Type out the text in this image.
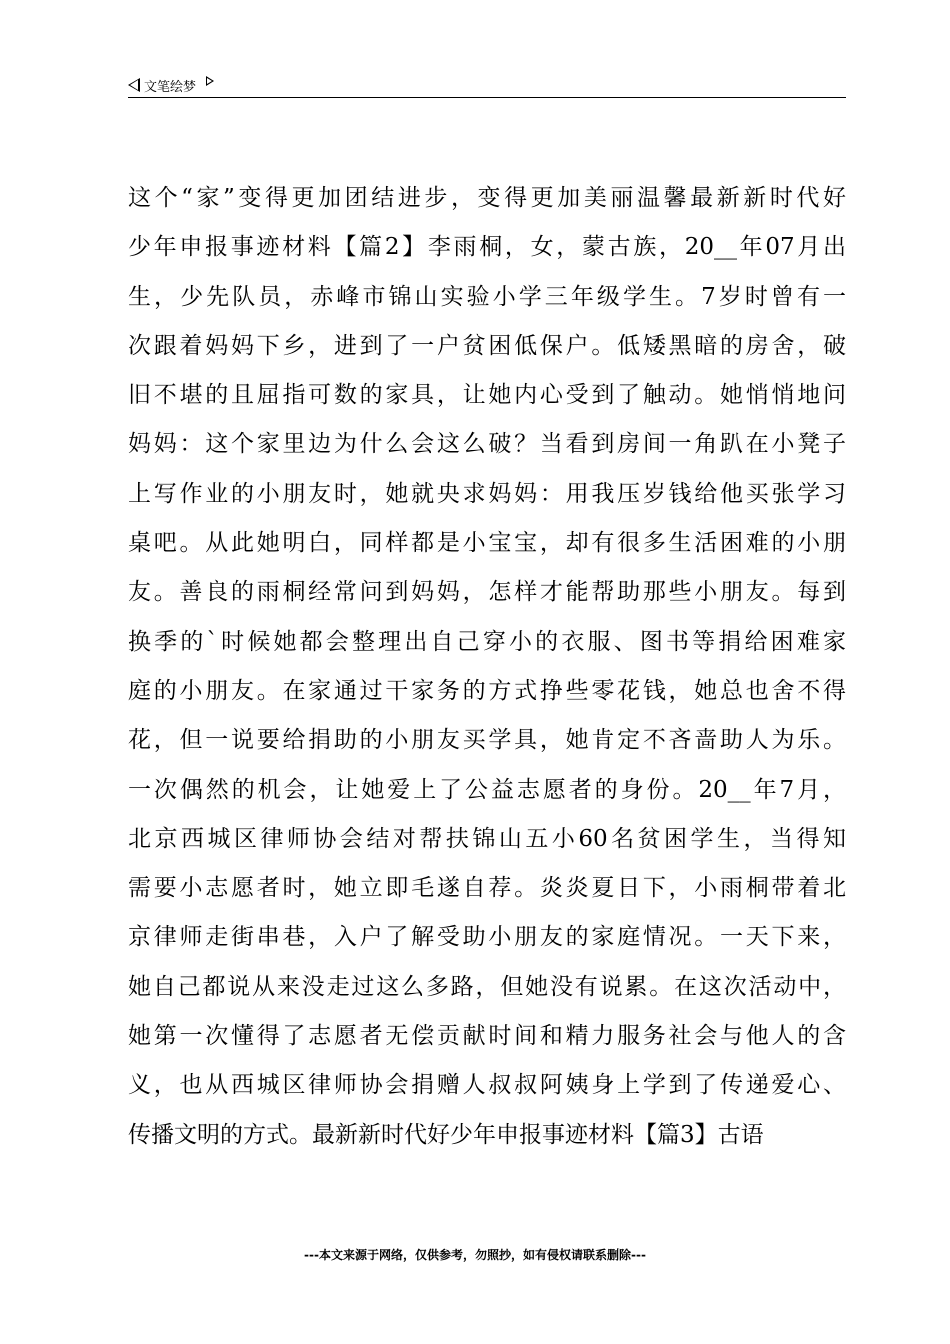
文笔绘梦
这个“家”变得更加团结进步，变得更加美丽温馨最新新时代好
少年申报事迹材料【篇2】李雨桐，女，蒙古族，20__年07月出
生，少先队员，赤峰市锦山实验小学三年级学生。7岁时曾有一
次跟着妈妈下乡，进到了一户贫困低保户。低矮黑暗的房舍，破
旧不堪的且屈指可数的家具，让她内心受到了触动。她悄悄地问
妈妈：这个家里边为什么会这么破？当看到房间一角趴在小凳子
上写作业的小朋友时，她就央求妈妈：用我压岁钱给他买张学习
桌吧。从此她明白，同样都是小宝宝，却有很多生活困难的小朋
友。善良的雨桐经常问到妈妈，怎样才能帮助那些小朋友。每到
换季的`时候她都会整理出自己穿小的衣服、图书等捐给困难家
庭的小朋友。在家通过干家务的方式挣些零花钱，她总也舍不得
花，但一说要给捐助的小朋友买学具，她肯定不吝啬助人为乐。
一次偶然的机会，让她爱上了公益志愿者的身份。20__年7月，
北京西城区律师协会结对帮扶锦山五小60名贫困学生，当得知
需要小志愿者时，她立即毛遂自荐。炎炎夏日下，小雨桐带着北
京律师走街串巷，入户了解受助小朋友的家庭情况。一天下来，
她自己都说从来没走过这么多路，但她没有说累。在这次活动中，
她第一次懂得了志愿者无偿贡献时间和精力服务社会与他人的含
义，也从西城区律师协会捐赠人叔叔阿姨身上学到了传递爱心、
传播文明的方式。最新新时代好少年申报事迹材料【篇3】古语
---本文来源于网络，仅供参考，勿照抄，如有侵权请联系删除---
